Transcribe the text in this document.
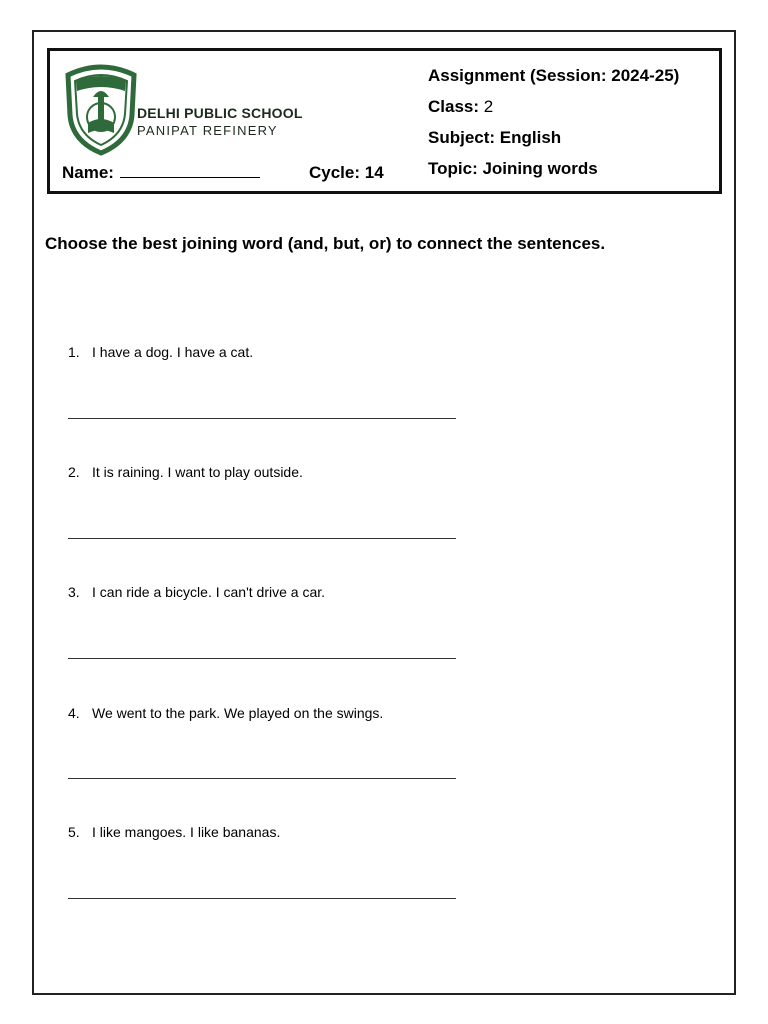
DELHI PUBLIC SCHOOL
PANIPAT REFINERY
Name:	Cycle: 14
Assignment (Session: 2024-25)
Class: 2
Subject: English
Topic: Joining words
Choose the best joining word (and, but, or) to connect the sentences.
1. I have a dog. I have a cat.
2. It is raining. I want to play outside.
3. I can ride a bicycle. I can't drive a car.
4. We went to the park. We played on the swings.
5. I like mangoes. I like bananas.
